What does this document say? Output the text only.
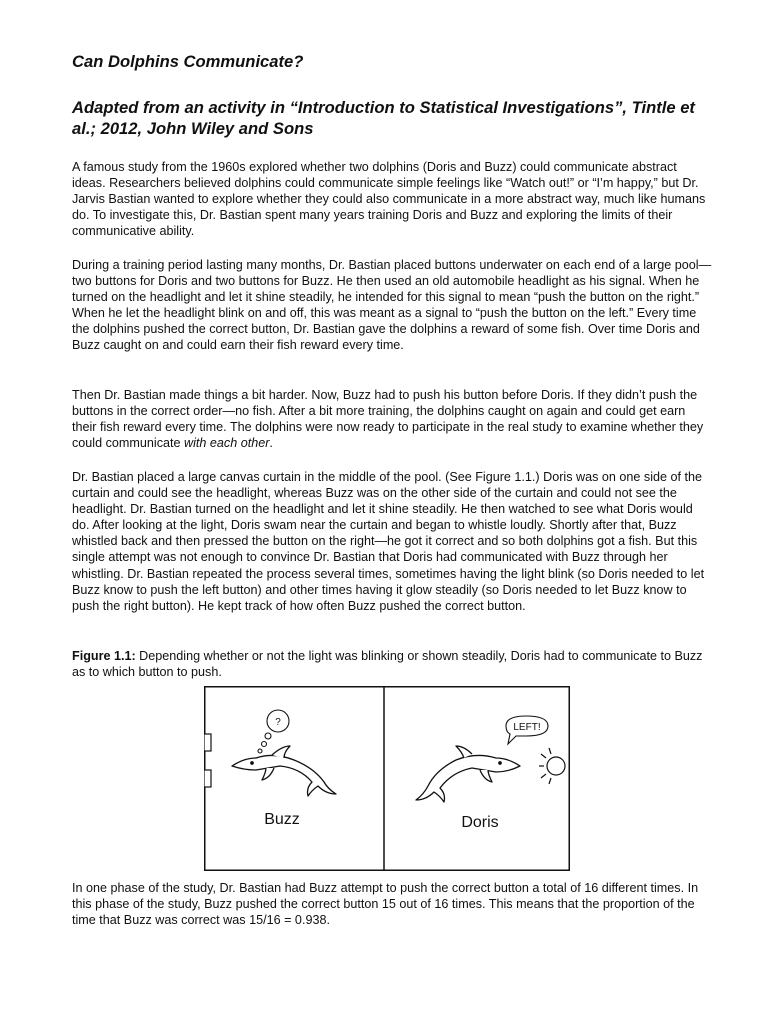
Can Dolphins Communicate?
Adapted from an activity in “Introduction to Statistical Investigations”, Tintle et al.; 2012, John Wiley and Sons

A famous study from the 1960s explored whether two dolphins (Doris and Buzz) could communicate abstract ideas. Researchers believed dolphins could communicate simple feelings like “Watch out!” or “I’m happy,” but Dr. Jarvis Bastian wanted to explore whether they could also communicate in a more abstract way, much like humans do. To investigate this, Dr. Bastian spent many years training Doris and Buzz and exploring the limits of their communicative ability.

During a training period lasting many months, Dr. Bastian placed buttons underwater on each end of a large pool—two buttons for Doris and two buttons for Buzz. He then used an old automobile headlight as his signal. When he turned on the headlight and let it shine steadily, he intended for this signal to mean “push the button on the right.” When he let the headlight blink on and off, this was meant as a signal to “push the button on the left.” Every time the dolphins pushed the correct button, Dr. Bastian gave the dolphins a reward of some fish. Over time Doris and Buzz caught on and could earn their fish reward every time.

Then Dr. Bastian made things a bit harder. Now, Buzz had to push his button before Doris. If they didn’t push the buttons in the correct order—no fish. After a bit more training, the dolphins caught on again and could get earn their fish reward every time. The dolphins were now ready to participate in the real study to examine whether they could communicate with each other.

Dr. Bastian placed a large canvas curtain in the middle of the pool. (See Figure 1.1.) Doris was on one side of the curtain and could see the headlight, whereas Buzz was on the other side of the curtain and could not see the headlight. Dr. Bastian turned on the headlight and let it shine steadily. He then watched to see what Doris would do. After looking at the light, Doris swam near the curtain and began to whistle loudly. Shortly after that, Buzz whistled back and then pressed the button on the right—he got it correct and so both dolphins got a fish. But this single attempt was not enough to convince Dr. Bastian that Doris had communicated with Buzz through her whistling. Dr. Bastian repeated the process several times, sometimes having the light blink (so Doris needed to let Buzz know to push the left button) and other times having it glow steadily (so Doris needed to let Buzz know to push the right button). He kept track of how often Buzz pushed the correct button.

Figure 1.1: Depending whether or not the light was blinking or shown steadily, Doris had to communicate to Buzz as to which button to push.

?
Buzz
LEFT!
Doris

In one phase of the study, Dr. Bastian had Buzz attempt to push the correct button a total of 16 different times. In this phase of the study, Buzz pushed the correct button 15 out of 16 times. This means that the proportion of the time that Buzz was correct was 15/16 = 0.938.
